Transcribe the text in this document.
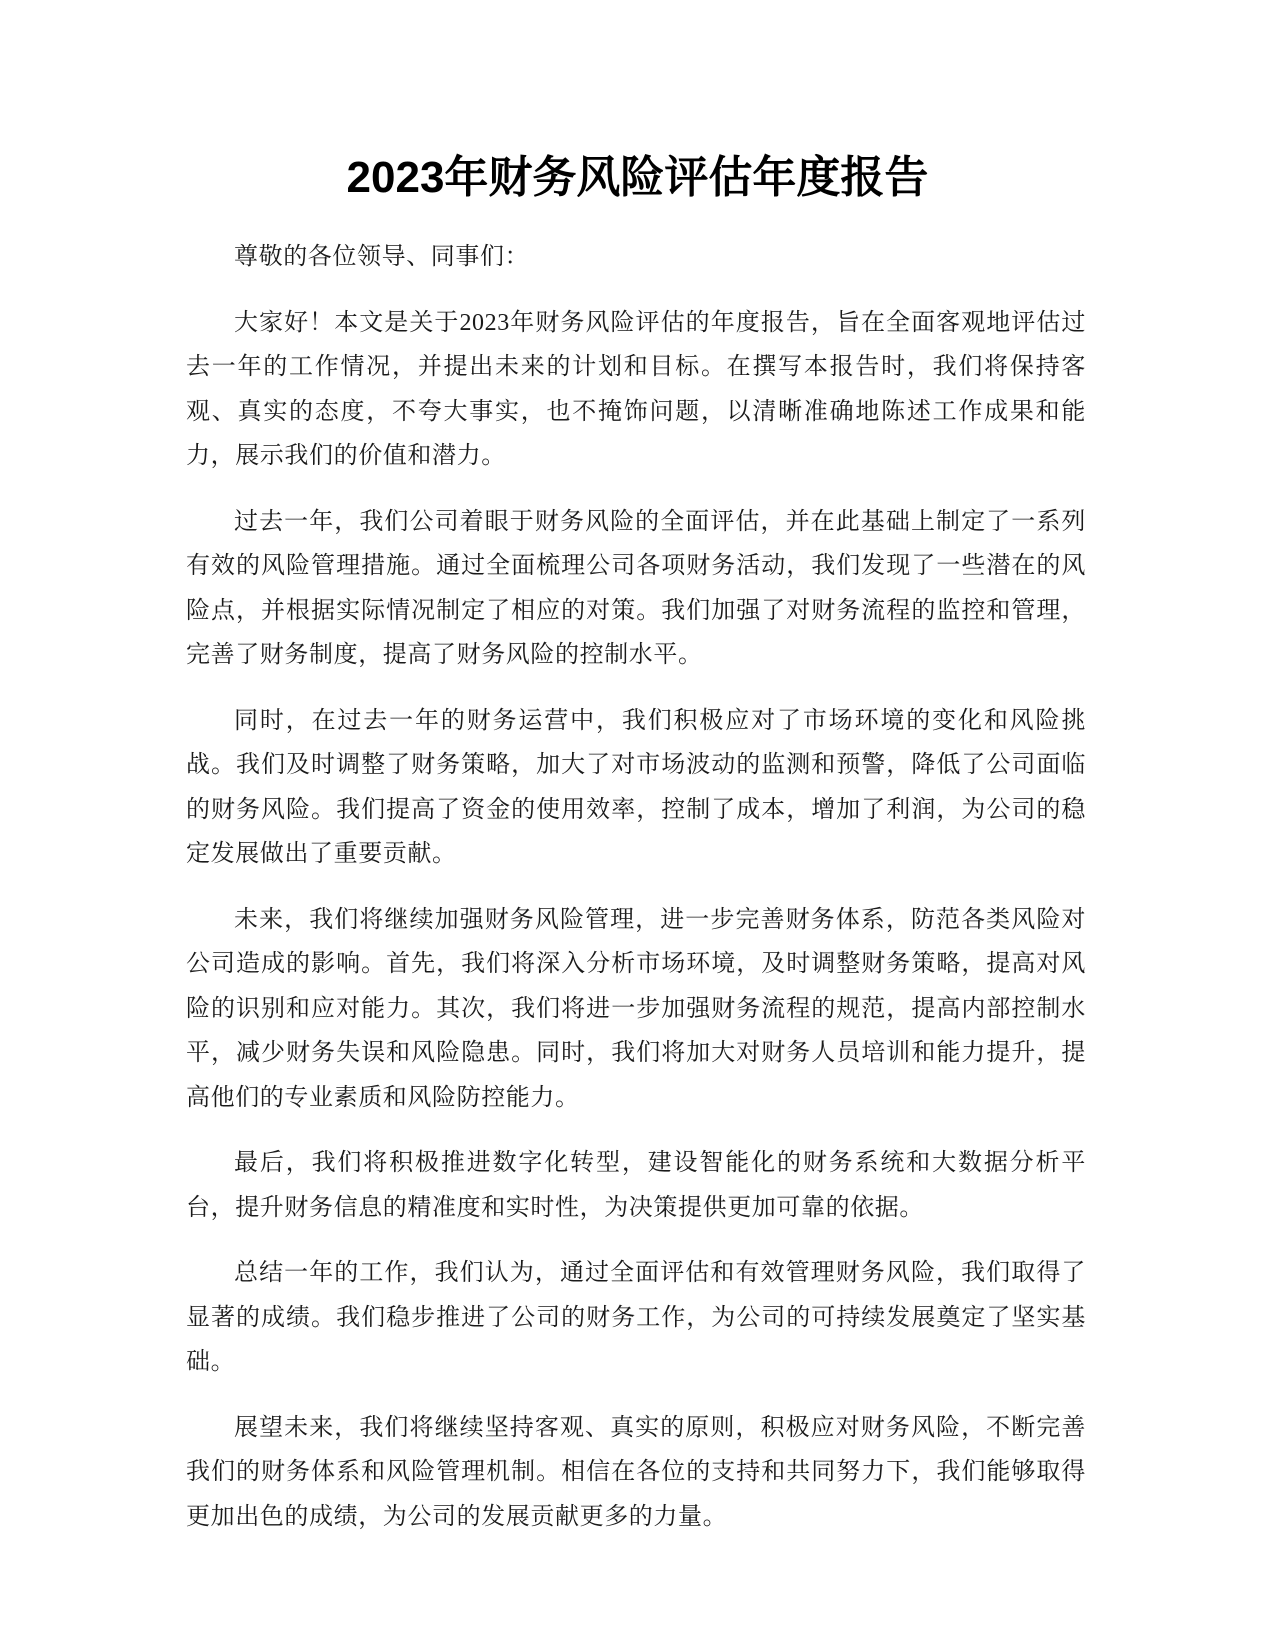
2023年财务风险评估年度报告

尊敬的各位领导、同事们：

大家好！本文是关于2023年财务风险评估的年度报告，旨在全面客观地评估过去一年的工作情况，并提出未来的计划和目标。在撰写本报告时，我们将保持客观、真实的态度，不夸大事实，也不掩饰问题，以清晰准确地陈述工作成果和能力，展示我们的价值和潜力。

过去一年，我们公司着眼于财务风险的全面评估，并在此基础上制定了一系列有效的风险管理措施。通过全面梳理公司各项财务活动，我们发现了一些潜在的风险点，并根据实际情况制定了相应的对策。我们加强了对财务流程的监控和管理，完善了财务制度，提高了财务风险的控制水平。

同时，在过去一年的财务运营中，我们积极应对了市场环境的变化和风险挑战。我们及时调整了财务策略，加大了对市场波动的监测和预警，降低了公司面临的财务风险。我们提高了资金的使用效率，控制了成本，增加了利润，为公司的稳定发展做出了重要贡献。

未来，我们将继续加强财务风险管理，进一步完善财务体系，防范各类风险对公司造成的影响。首先，我们将深入分析市场环境，及时调整财务策略，提高对风险的识别和应对能力。其次，我们将进一步加强财务流程的规范，提高内部控制水平，减少财务失误和风险隐患。同时，我们将加大对财务人员培训和能力提升，提高他们的专业素质和风险防控能力。

最后，我们将积极推进数字化转型，建设智能化的财务系统和大数据分析平台，提升财务信息的精准度和实时性，为决策提供更加可靠的依据。

总结一年的工作，我们认为，通过全面评估和有效管理财务风险，我们取得了显著的成绩。我们稳步推进了公司的财务工作，为公司的可持续发展奠定了坚实基础。

展望未来，我们将继续坚持客观、真实的原则，积极应对财务风险，不断完善我们的财务体系和风险管理机制。相信在各位的支持和共同努力下，我们能够取得更加出色的成绩，为公司的发展贡献更多的力量。
